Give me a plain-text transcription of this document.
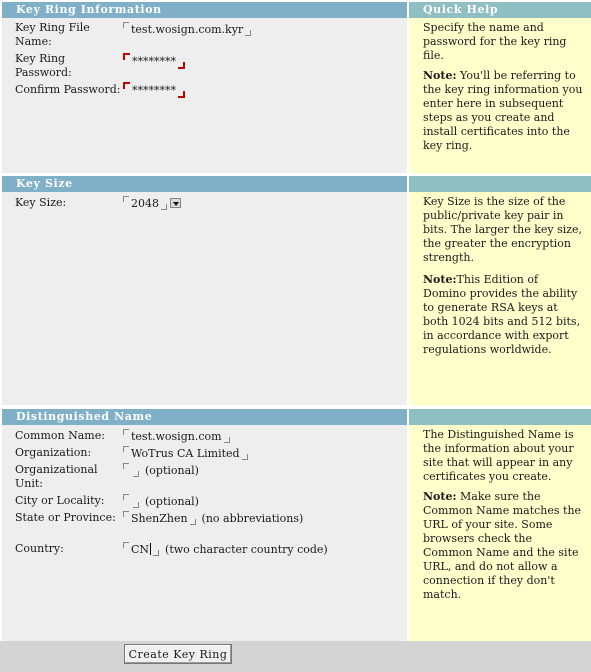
Key Ring Information	Quick Help
Key Ring File Name:
test.wosign.com.kyr
Key Ring Password:
********
Confirm Password:	********
Specify the name and password for the key ring file.
Note: You'll be referring to the key ring information you enter here in subsequent steps as you create and install certificates into the key ring.
Key Size
Key Size:	2048	Key Size is the size of the public/private key pair in bits. The larger the key size, the greater the encryption strength.
Note:This Edition of Domino provides the ability to generate RSA keys at both 1024 bits and 512 bits, in accordance with export regulations worldwide.
Distinguished Name
Common Name:	test.wosign.com
Organization:	WoTrus CA Limited
Organizational Unit:
(optional)
City or Locality:	(optional)
State or Province:	ShenZhen (no abbreviations)
Country:	CN (two character country code)
The Distinguished Name is the information about your site that will appear in any certificates you create.
Note: Make sure the Common Name matches the URL of your site. Some browsers check the Common Name and the site URL, and do not allow a connection if they don't match.
Create Key Ring
